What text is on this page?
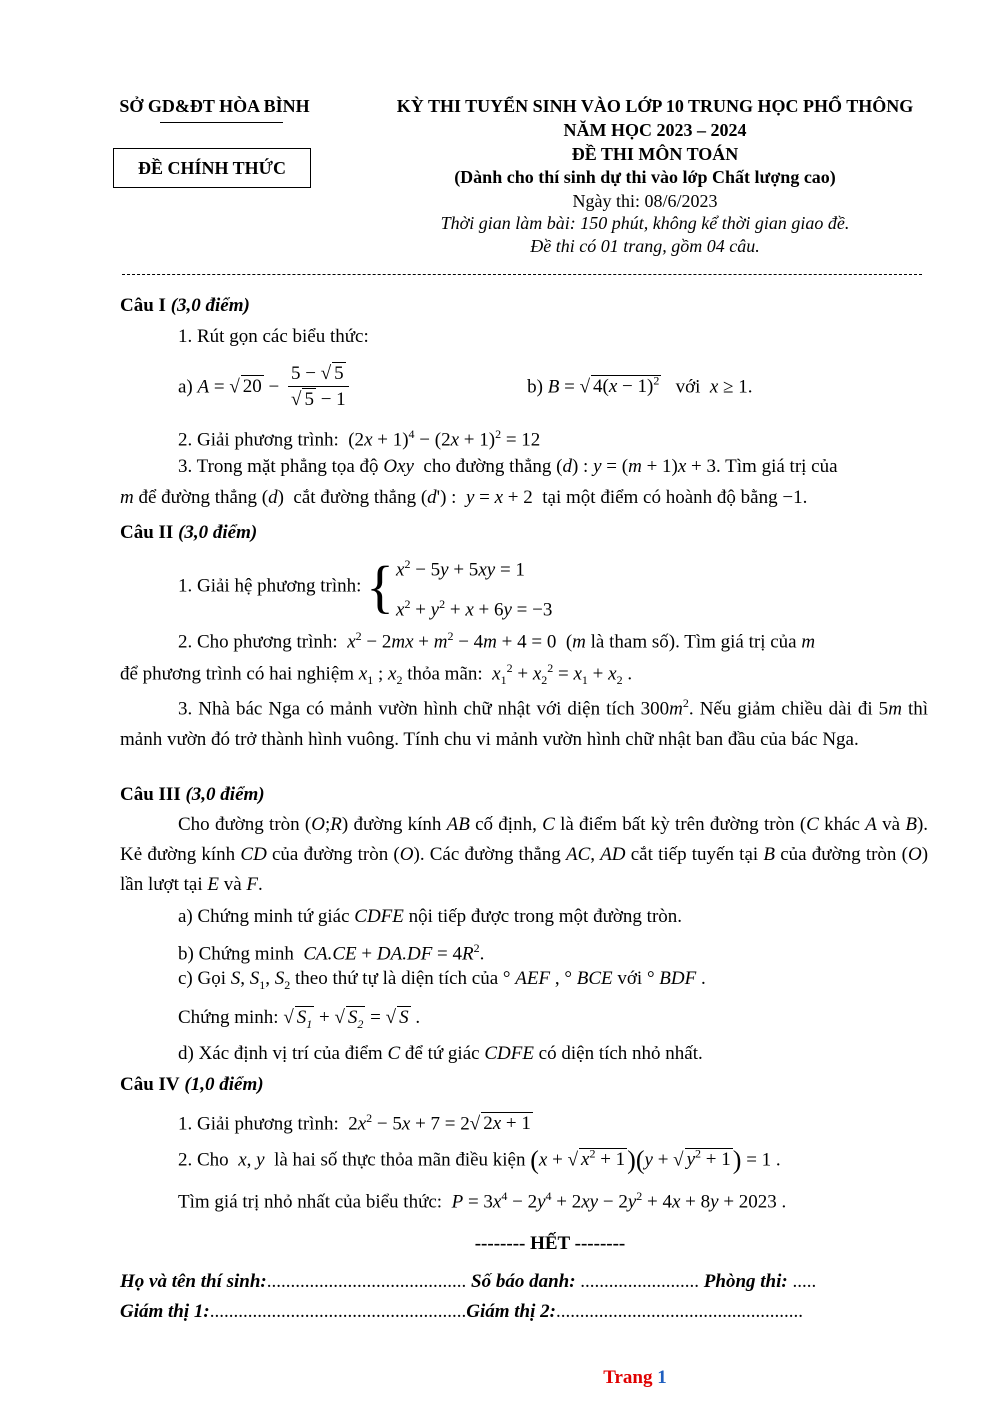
SỞ GD&ĐT HÒA BÌNH
ĐỀ CHÍNH THỨC
KỲ THI TUYỂN SINH VÀO LỚP 10 TRUNG HỌC PHỔ THÔNG
NĂM HỌC 2023 – 2024
ĐỀ THI MÔN TOÁN
(Dành cho thí sinh dự thi vào lớp Chất lượng cao)
Ngày thi: 08/6/2023
Thời gian làm bài: 150 phút, không kể thời gian giao đề.
Đề thi có 01 trang, gồm 04 câu.
Câu I (3,0 điểm)
1. Rút gọn các biểu thức:
a) A = √ $20 - \frac{5 - √ 5}{√ 5 - 1}$	b) B = √ $4(x - 1)^2$ với x ≥ 1.
2. Giải phương trình:  $(2x + 1)^4 - (2x + 1)^2 = 12$
3. Trong mặt phẳng tọa độ Oxy cho đường thẳng (d) : y = (m + 1)x + 3. Tìm giá trị của
m để đường thẳng (d)  cắt đường thẳng (d') :  y = x + 2  tại một điểm có hoành độ bằng −1.
Câu II (3,0 điểm)
1. Giải hệ phương trình: { $x^2 - 5y + 5xy = 1$
$x^2 + y^2 + x + 6y = -3$
2. Cho phương trình: $x^2 - 2mx + m^2 - 4m + 4 = 0$  (m là tham số). Tìm giá trị của m
để phương trình có hai nghiệm $x_1$ ; $x_2$ thỏa mãn: $x_1^2 + x_2^2 = x_1 + x_2$ .
3. Nhà bác Nga có mảnh vườn hình chữ nhật với diện tích $300m^2$. Nếu giảm chiều dài đi 5m thì mảnh vườn đó trở thành hình vuông. Tính chu vi mảnh vườn hình chữ nhật ban đầu của bác Nga.
Câu III (3,0 điểm)
Cho đường tròn (O;R) đường kính AB cố định, C là điểm bất kỳ trên đường tròn (C khác A và B). Kẻ đường kính CD của đường tròn (O). Các đường thẳng AC, AD cắt tiếp tuyến tại B của đường tròn (O) lần lượt tại E và F.
a) Chứng minh tứ giác CDFE nội tiếp được trong một đường tròn.
b) Chứng minh $CA.CE + DA.DF = 4R^2$.
c) Gọi S, $S_1$, $S_2$ theo thứ tự là diện tích của ° AEF , ° BCE với ° BDF .
Chứng minh: √ $S_1$ + √ $S_2$ = √ S .
d) Xác định vị trí của điểm C để tứ giác CDFE có diện tích nhỏ nhất.
Câu IV (1,0 điểm)
1. Giải phương trình:  $2x^2 - 5x + 7 = 2√$ 2x + 1
2. Cho x, y là hai số thực thỏa mãn điều kiện (x + √ $x^2 + 1)(y$ + √ $y^2 + 1) = 1$ .
Tìm giá trị nhỏ nhất của biểu thức: $P = 3x^4 - 2y^4 + 2xy - 2y^2 + 4x + 8y + 2023$ .
-------- HẾT --------
Họ và tên thí sinh:.......................................... Số báo danh: ......................... Phòng thi: .....
Giám thị 1:......................................................Giám thị 2:....................................................
Trang 1
